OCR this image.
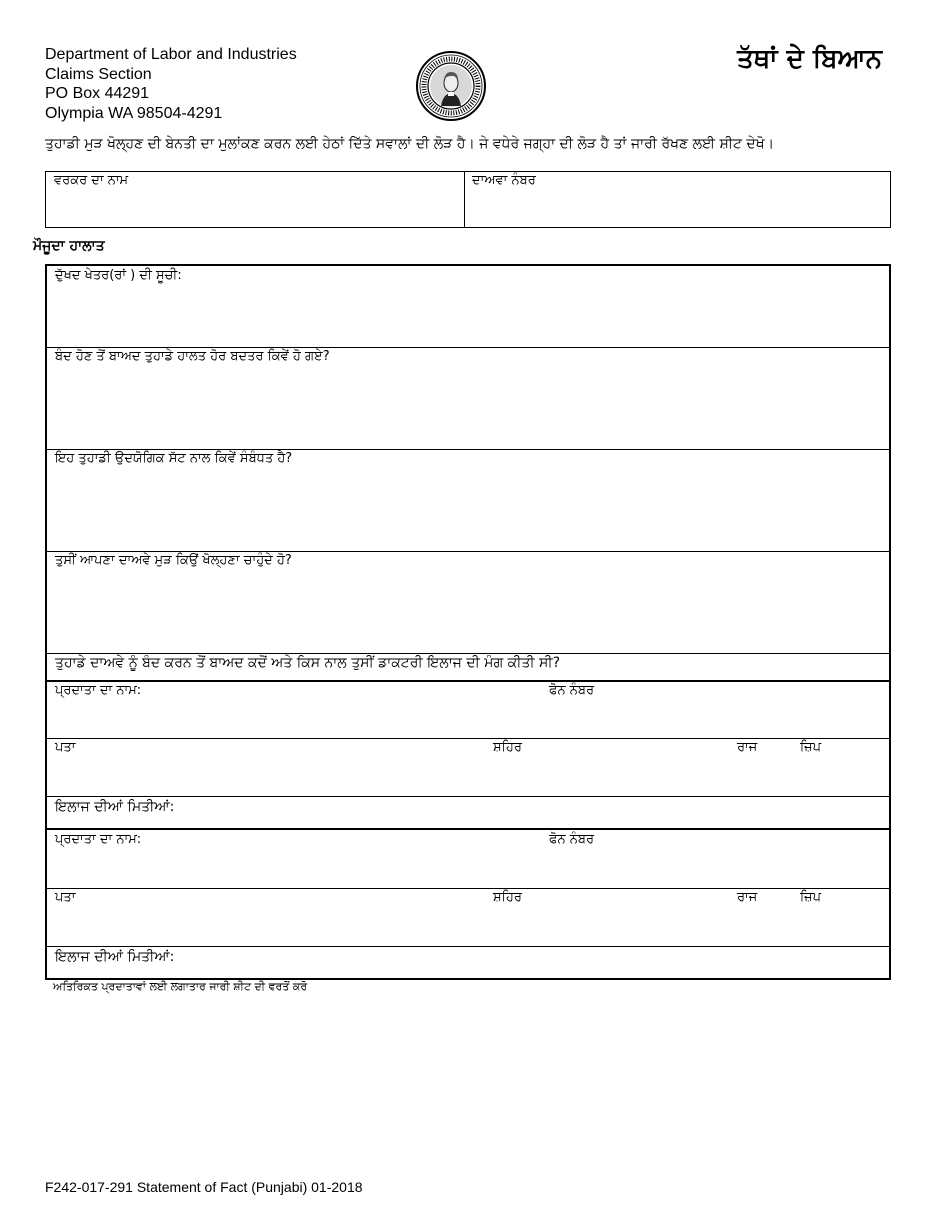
Department of Labor and Industries
Claims Section
PO Box 44291
Olympia WA 98504-4291
ਤੱਥਾਂ ਦੇ ਬਿਆਨ
ਤੁਹਾਡੀ ਮੁੜ ਖੋਲ੍ਹਣ ਦੀ ਬੇਨਤੀ ਦਾ ਮੁਲਾਂਕਣ ਕਰਨ ਲਈ ਹੇਠਾਂ ਦਿੱਤੇ ਸਵਾਲਾਂ ਦੀ ਲੋੜ ਹੈ। ਜੇ ਵਧੇਰੇ ਜਗ੍ਹਾ ਦੀ ਲੋੜ ਹੈ ਤਾਂ ਜਾਰੀ ਰੱਖਣ ਲਈ ਸ਼ੀਟ ਦੇਖੋ।
ਵਰਕਰ ਦਾ ਨਾਮ	ਦਾਅਵਾ ਨੰਬਰ
ਮੌਜੂਦਾ ਹਾਲਾਤ
ਦੁੱਖਦ ਖੇਤਰ(ਰਾਂ ) ਦੀ ਸੂਚੀ:
ਬੰਦ ਹੋਣ ਤੋਂ ਬਾਅਦ ਤੁਹਾਡੇ ਹਾਲਤ ਹੋਰ ਬਦਤਰ ਕਿਵੇਂ ਹੋ ਗਏ?
ਇਹ ਤੁਹਾਡੀ ਉਦਯੋਗਿਕ ਸੱਟ ਨਾਲ ਕਿਵੇਂ ਸੰਬੰਧਤ ਹੈ?
ਤੁਸੀਂ ਆਪਣਾ ਦਾਅਵੇ ਮੁੜ ਕਿਉਂ ਖੋਲ੍ਹਣਾ ਚਾਹੁੰਦੇ ਹੋ?
ਤੁਹਾਡੇ ਦਾਅਵੇ ਨੂੰ ਬੰਦ ਕਰਨ ਤੋਂ ਬਾਅਦ ਕਦੋਂ ਅਤੇ ਕਿਸ ਨਾਲ ਤੁਸੀਂ ਡਾਕਟਰੀ ਇਲਾਜ ਦੀ ਮੰਗ ਕੀਤੀ ਸੀ?
ਪ੍ਰਦਾਤਾ ਦਾ ਨਾਮ:	ਫੋਨ ਨੰਬਰ
ਪਤਾ	ਸ਼ਹਿਰ	ਰਾਜ	ਜ਼ਿਪ
ਇਲਾਜ ਦੀਆਂ ਮਿਤੀਆਂ:
ਪ੍ਰਦਾਤਾ ਦਾ ਨਾਮ:	ਫੋਨ ਨੰਬਰ
ਪਤਾ	ਸ਼ਹਿਰ	ਰਾਜ	ਜ਼ਿਪ
ਇਲਾਜ ਦੀਆਂ ਮਿਤੀਆਂ:
ਅਤਿਰਿਕਤ ਪ੍ਰਦਾਤਾਵਾਂ ਲਈ ਲਗਾਤਾਰ ਜਾਰੀ ਸ਼ੀਟ ਦੀ ਵਰਤੋਂ ਕਰੋ
F242-017-291 Statement of Fact (Punjabi) 01-2018
